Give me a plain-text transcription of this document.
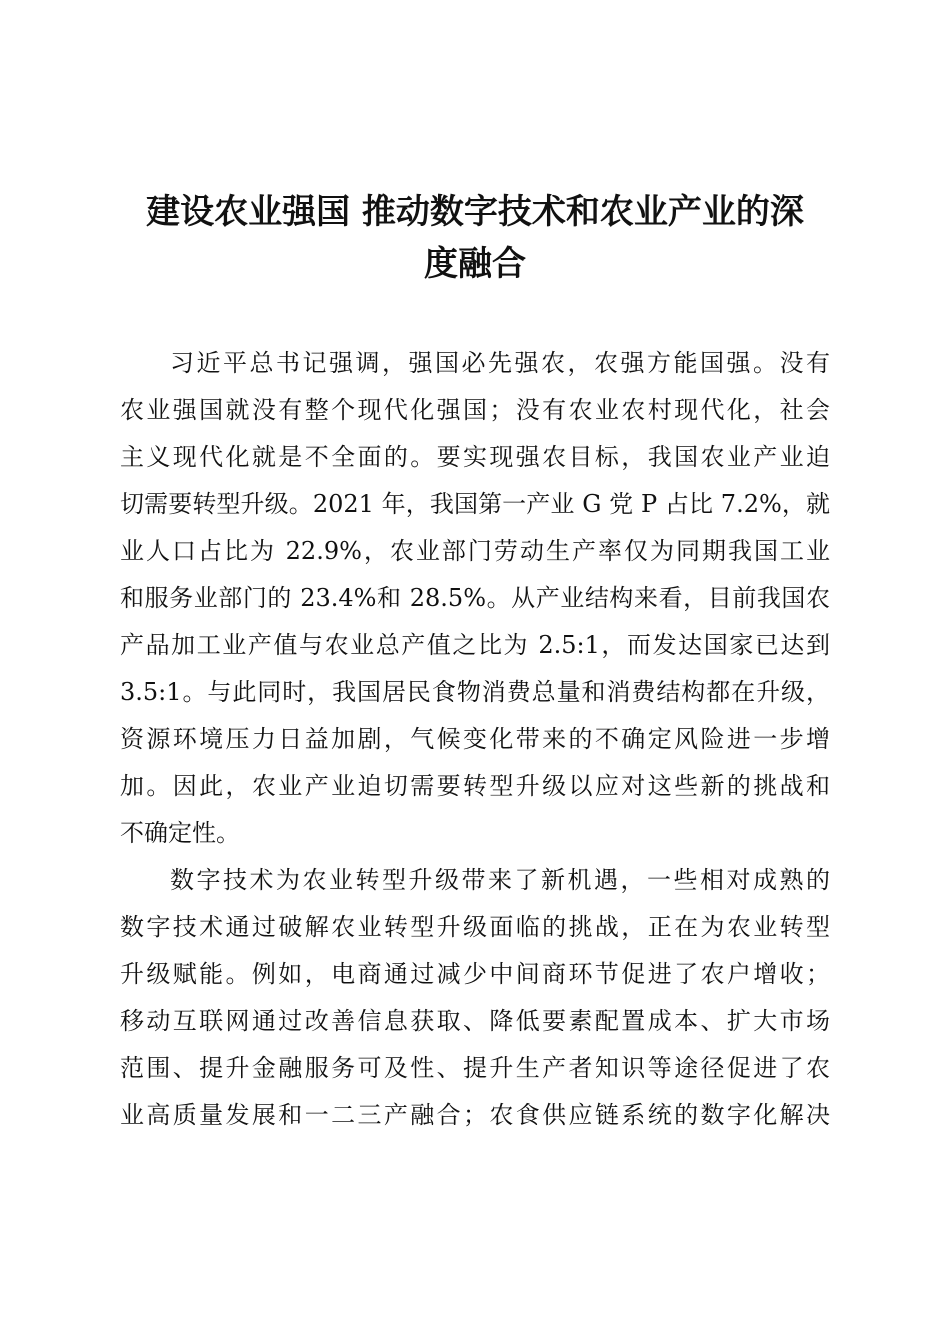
建设农业强国 推动数字技术和农业产业的深
度融合
习近平总书记强调，强国必先强农，农强方能国强。没有
农业强国就没有整个现代化强国；没有农业农村现代化，社会
主义现代化就是不全面的。要实现强农目标，我国农业产业迫
切需要转型升级。2021 年，我国第一产业 G 党 P 占比 7.2%，就
业人口占比为 22.9%，农业部门劳动生产率仅为同期我国工业
和服务业部门的 23.4%和 28.5%。从产业结构来看，目前我国农
产品加工业产值与农业总产值之比为 2.5:1，而发达国家已达到
3.5:1。与此同时，我国居民食物消费总量和消费结构都在升级，
资源环境压力日益加剧，气候变化带来的不确定风险进一步增
加。因此，农业产业迫切需要转型升级以应对这些新的挑战和
不确定性。
数字技术为农业转型升级带来了新机遇，一些相对成熟的
数字技术通过破解农业转型升级面临的挑战，正在为农业转型
升级赋能。例如，电商通过减少中间商环节促进了农户增收；
移动互联网通过改善信息获取、降低要素配置成本、扩大市场
范围、提升金融服务可及性、提升生产者知识等途径促进了农
业高质量发展和一二三产融合；农食供应链系统的数字化解决
